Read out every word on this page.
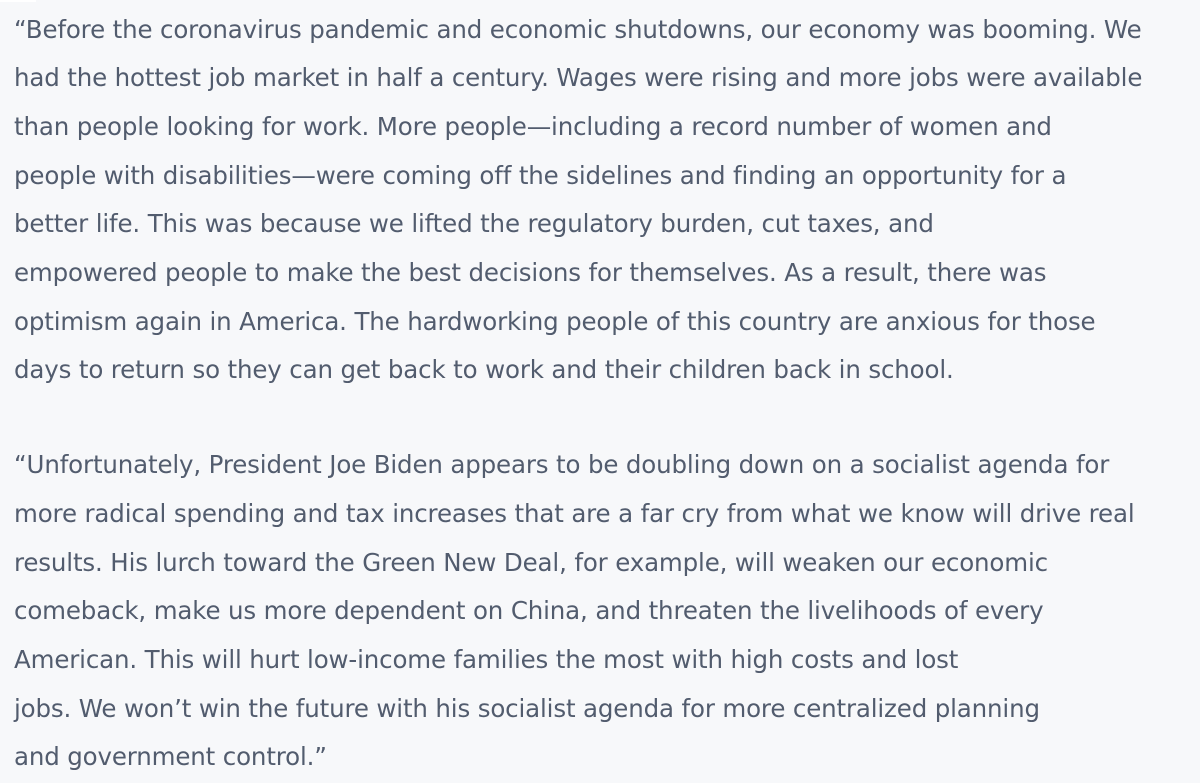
“Before the coronavirus pandemic and economic shutdowns, our economy was booming. We
had the hottest job market in half a century. Wages were rising and more jobs were available
than people looking for work. More people—including a record number of women and
people with disabilities—were coming off the sidelines and finding an opportunity for a
better life. This was because we lifted the regulatory burden, cut taxes, and
empowered people to make the best decisions for themselves. As a result, there was
optimism again in America. The hardworking people of this country are anxious for those
days to return so they can get back to work and their children back in school.
“Unfortunately, President Joe Biden appears to be doubling down on a socialist agenda for
more radical spending and tax increases that are a far cry from what we know will drive real
results. His lurch toward the Green New Deal, for example, will weaken our economic
comeback, make us more dependent on China, and threaten the livelihoods of every
American. This will hurt low-income families the most with high costs and lost
jobs. We won’t win the future with his socialist agenda for more centralized planning
and government control.”
